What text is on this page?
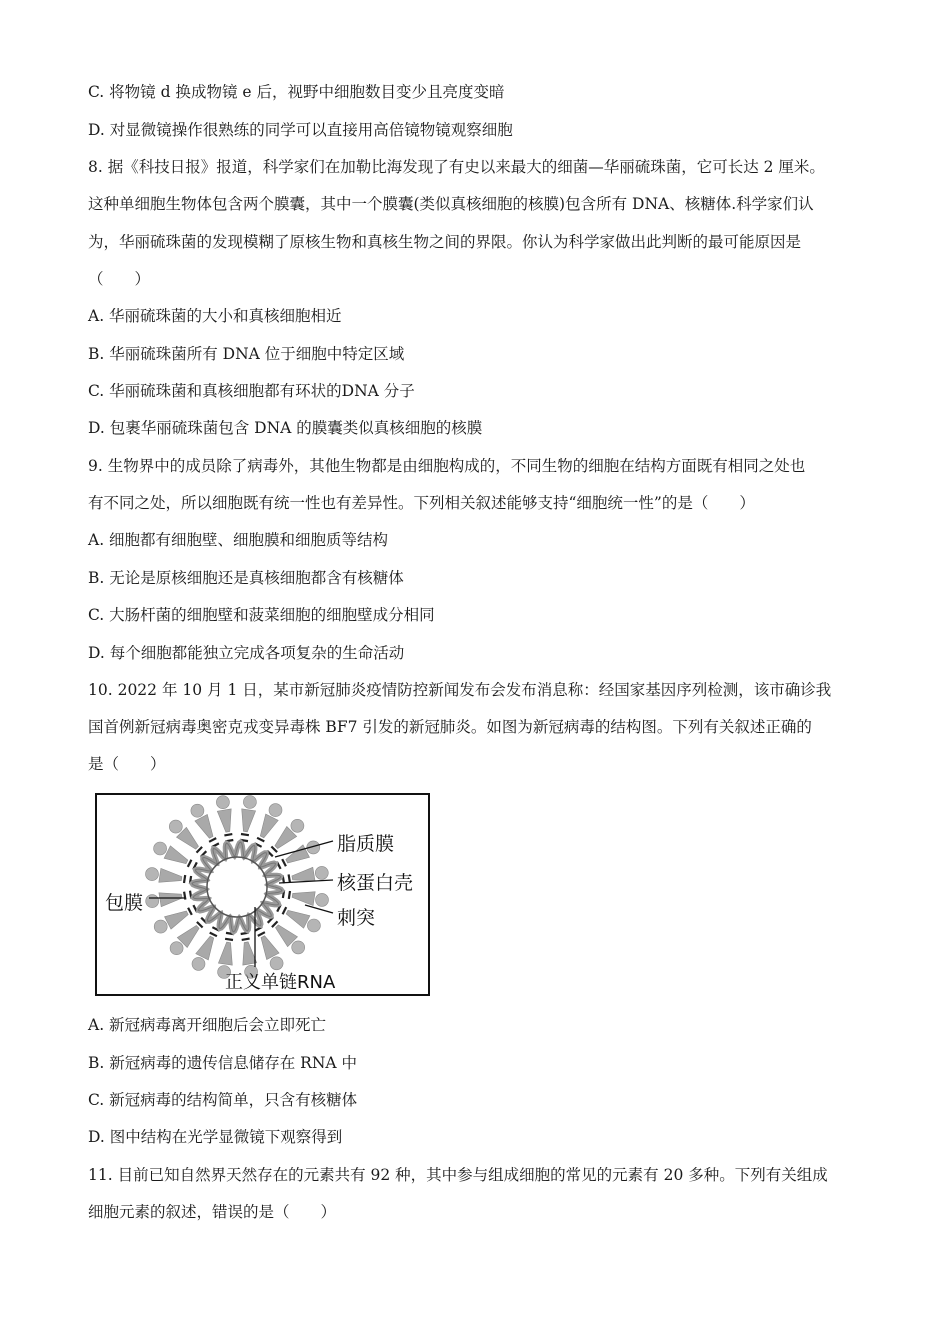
C. 将物镜 d 换成物镜 e 后，视野中细胞数目变少且亮度变暗
D. 对显微镜操作很熟练的同学可以直接用高倍镜物镜观察细胞
8. 据《科技日报》报道，科学家们在加勒比海发现了有史以来最大的细菌—华丽硫珠菌，它可长达 2 厘米。
这种单细胞生物体包含两个膜囊，其中一个膜囊(类似真核细胞的核膜)包含所有 DNA、核糖体.科学家们认
为，华丽硫珠菌的发现模糊了原核生物和真核生物之间的界限。你认为科学家做出此判断的最可能原因是
（　　）
A. 华丽硫珠菌的大小和真核细胞相近
B. 华丽硫珠菌所有 DNA 位于细胞中特定区域
C. 华丽硫珠菌和真核细胞都有环状的DNA 分子
D. 包裹华丽硫珠菌包含 DNA 的膜囊类似真核细胞的核膜
9. 生物界中的成员除了病毒外，其他生物都是由细胞构成的，不同生物的细胞在结构方面既有相同之处也
有不同之处，所以细胞既有统一性也有差异性。下列相关叙述能够支持“细胞统一性”的是（　　）
A. 细胞都有细胞壁、细胞膜和细胞质等结构
B. 无论是原核细胞还是真核细胞都含有核糖体
C. 大肠杆菌的细胞壁和菠菜细胞的细胞壁成分相同
D. 每个细胞都能独立完成各项复杂的生命活动
10. 2022 年 10 月 1 日，某市新冠肺炎疫情防控新闻发布会发布消息称：经国家基因序列检测，该市确诊我
国首例新冠病毒奥密克戎变异毒株 BF7 引发的新冠肺炎。如图为新冠病毒的结构图。下列有关叙述正确的
是（　　）
脂质膜
核蛋白壳
刺突
包膜
正义单链RNA
A. 新冠病毒离开细胞后会立即死亡
B. 新冠病毒的遗传信息储存在 RNA 中
C. 新冠病毒的结构简单，只含有核糖体
D. 图中结构在光学显微镜下观察得到
11. 目前已知自然界天然存在的元素共有 92 种，其中参与组成细胞的常见的元素有 20 多种。下列有关组成
细胞元素的叙述，错误的是（　　）
